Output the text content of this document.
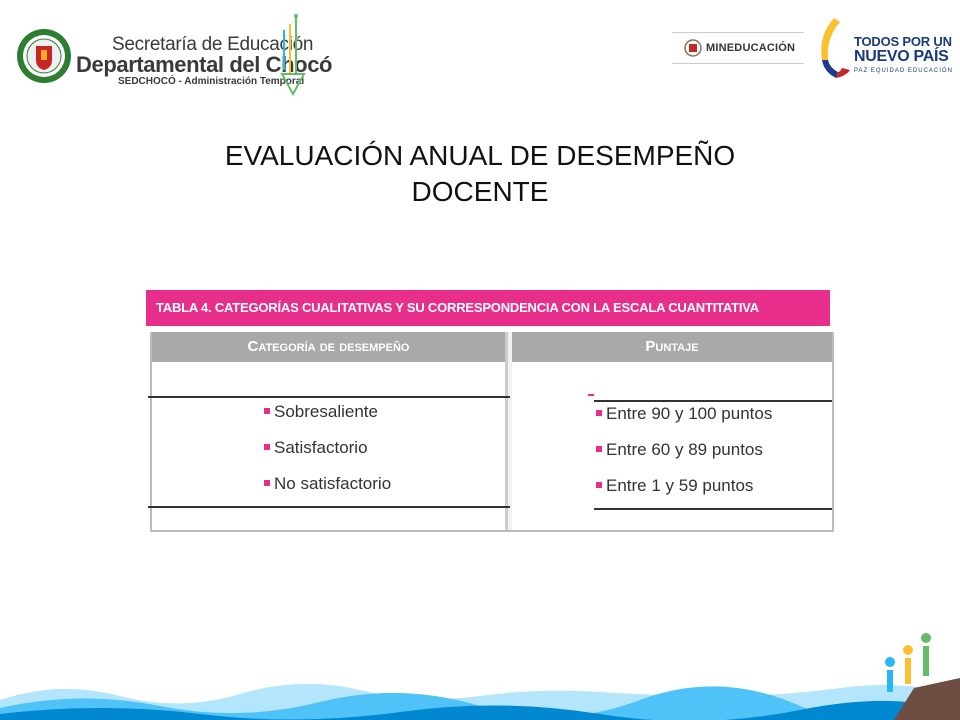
Secretaría de Educación
Departamental del Chocó
SEDCHOCÓ - Administración Temporal
MINEDUCACIÓN	TODOS POR UN
NUEVO PAÍS
PAZ EQUIDAD EDUCACIÓN
EVALUACIÓN ANUAL DE DESEMPEÑO
DOCENTE
TABLA 4. CATEGORÍAS CUALITATIVAS Y SU CORRESPONDENCIA CON LA ESCALA CUANTITATIVA
Categoría de desempeño
Sobresaliente
Satisfactorio
No satisfactorio
Puntaje
Entre 90 y 100 puntos
Entre 60 y 89 puntos
Entre 1 y 59 puntos
